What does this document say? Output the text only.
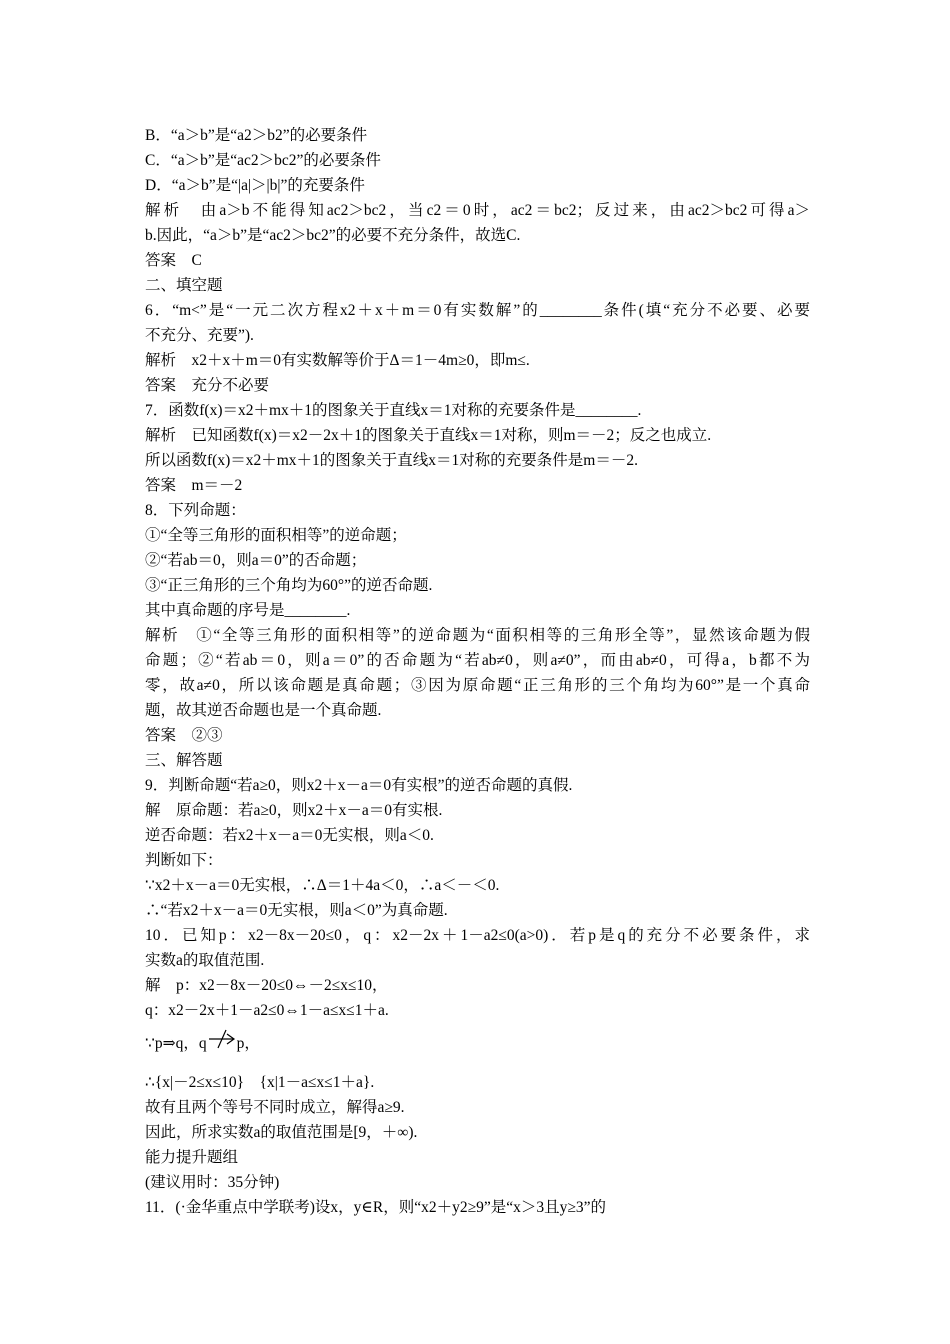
B．“a＞b”是“a2＞b2”的必要条件
C．“a＞b”是“ac2＞bc2”的必要条件
D．“a＞b”是“|a|＞|b|”的充要条件
解析　由a＞b不能得知ac2＞bc2，当c2＝0时，ac2＝bc2；反过来，由ac2＞bc2可得a＞
b.因此，“a＞b”是“ac2＞bc2”的必要不充分条件，故选C.
答案　C
二、填空题
6．“m<”是“一元二次方程x2＋x＋m＝0有实数解”的________条件(填“充分不必要、必要
不充分、充要”).
解析　x2＋x＋m＝0有实数解等价于Δ＝1－4m≥0，即m≤.
答案　充分不必要
7．函数f(x)＝x2＋mx＋1的图象关于直线x＝1对称的充要条件是________.
解析　已知函数f(x)＝x2－2x＋1的图象关于直线x＝1对称，则m＝－2；反之也成立.
所以函数f(x)＝x2＋mx＋1的图象关于直线x＝1对称的充要条件是m＝－2.
答案　m＝－2
8．下列命题：
①“全等三角形的面积相等”的逆命题；
②“若ab＝0，则a＝0”的否命题；
③“正三角形的三个角均为60°”的逆否命题.
其中真命题的序号是________.
解析　①“全等三角形的面积相等”的逆命题为“面积相等的三角形全等”，显然该命题为假
命题；②“若ab＝0，则a＝0”的否命题为“若ab≠0，则a≠0”，而由ab≠0，可得a，b都不为
零，故a≠0，所以该命题是真命题；③因为原命题“正三角形的三个角均为60°”是一个真命
题，故其逆否命题也是一个真命题.
答案　②③
三、解答题
9．判断命题“若a≥0，则x2＋x－a＝0有实根”的逆否命题的真假.
解　原命题：若a≥0，则x2＋x－a＝0有实根.
逆否命题：若x2＋x－a＝0无实根，则a＜0.
判断如下：
∵x2＋x－a＝0无实根，∴Δ＝1＋4a＜0，∴a＜－＜0.
∴“若x2＋x－a＝0无实根，则a＜0”为真命题.
10．已知p：x2－8x－20≤0，q：x2－2x＋1－a2≤0(a>0)．若p是q的充分不必要条件，求
实数a的取值范围.
解　p：x2－8x－20≤0⇔－2≤x≤10，
q：x2－2x＋1－a2≤0⇔1－a≤x≤1＋a.
∵p⇒q，q p，
∴{x|－2≤x≤10}　{x|1－a≤x≤1＋a}.
故有且两个等号不同时成立，解得a≥9.
因此，所求实数a的取值范围是[9，＋∞).
能力提升题组
(建议用时：35分钟)
11．(·金华重点中学联考)设x，y∈R，则“x2＋y2≥9”是“x＞3且y≥3”的
